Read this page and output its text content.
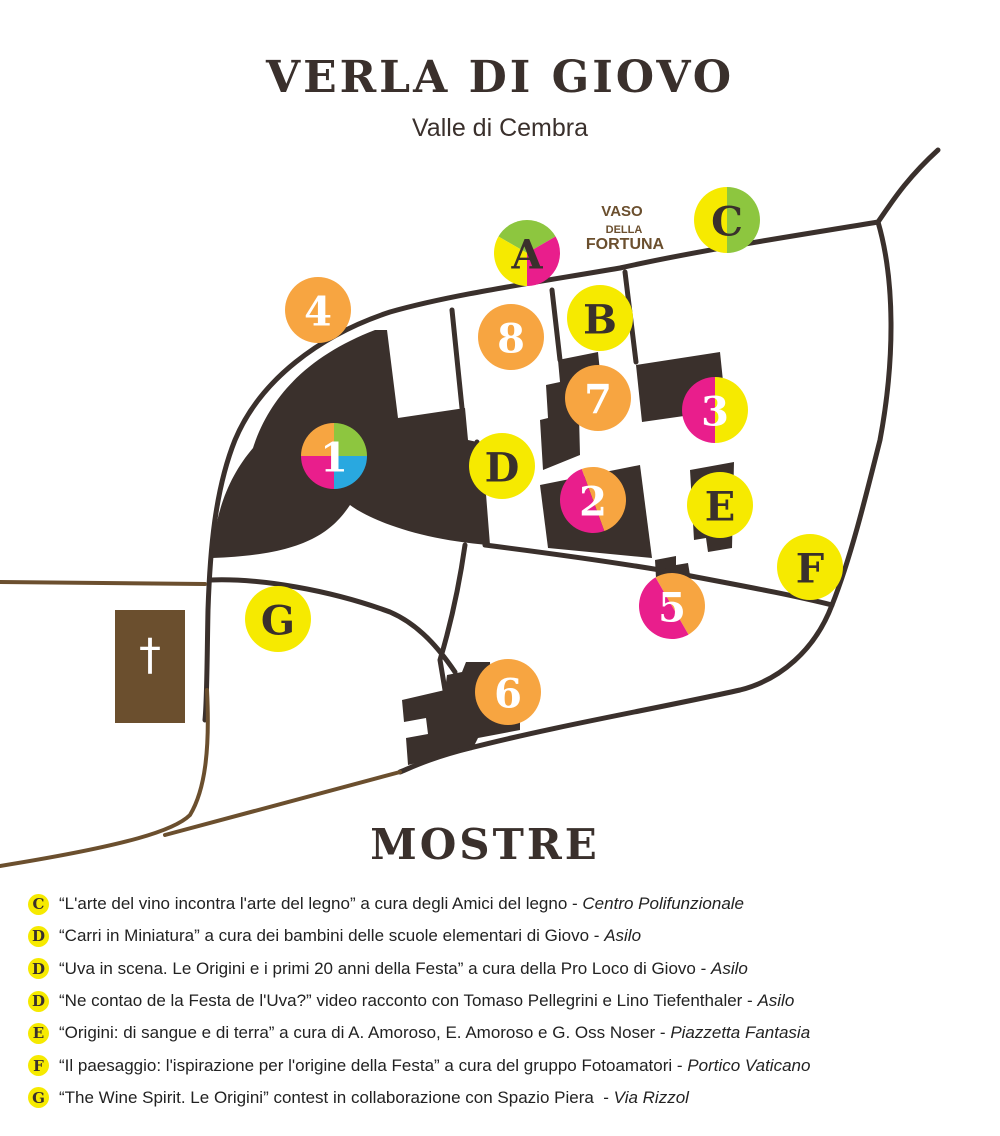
VERLA DI GIOVO
Valle di Cembra
†
VASO
DELLA
FORTUNA
A
B
C
D
E
F
G
1
2
3
4
5
6
7
8
MOSTRE
C “L'arte del vino incontra l'arte del legno” a cura degli Amici del legno - Centro Polifunzionale
D “Carri in Miniatura” a cura dei bambini delle scuole elementari di Giovo - Asilo
D “Uva in scena. Le Origini e i primi 20 anni della Festa” a cura della Pro Loco di Giovo - Asilo
D “Ne contao de la Festa de l'Uva?” video racconto con Tomaso Pellegrini e Lino Tiefenthaler - Asilo
E “Origini: di sangue e di terra” a cura di A. Amoroso, E. Amoroso e G. Oss Noser - Piazzetta Fantasia
F “Il paesaggio: l'ispirazione per l'origine della Festa” a cura del gruppo Fotoamatori - Portico Vaticano
G “The Wine Spirit. Le Origini” contest in collaborazione con Spazio Piera  - Via Rizzol
